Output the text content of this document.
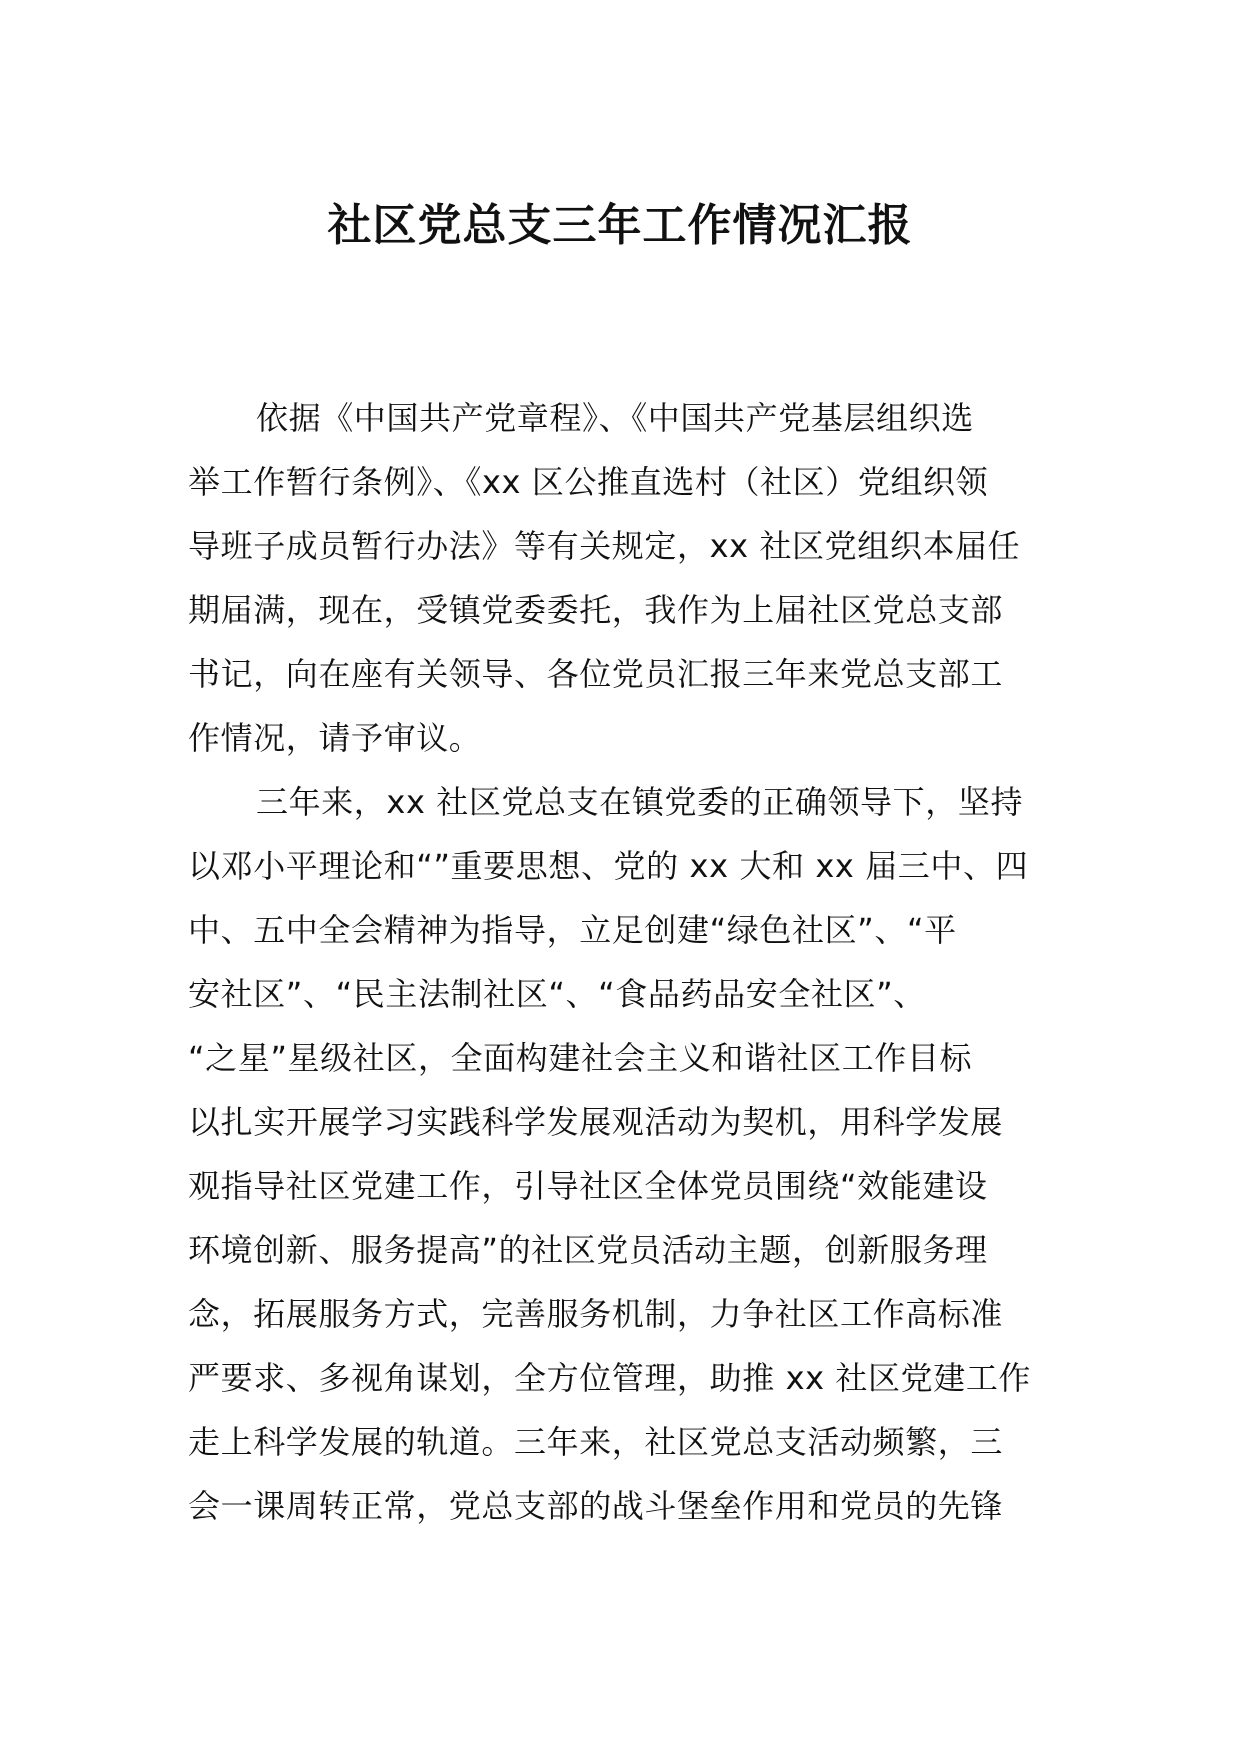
社区党总支三年工作情况汇报
依据《中国共产党章程》、《中国共产党基层组织选
举工作暂行条例》、《xx 区公推直选村（社区）党组织领
导班子成员暂行办法》等有关规定，xx 社区党组织本届任
期届满，现在，受镇党委委托，我作为上届社区党总支部
书记，向在座有关领导、各位党员汇报三年来党总支部工
作情况，请予审议。
三年来，xx 社区党总支在镇党委的正确领导下，坚持
以邓小平理论和“”重要思想、党的 xx 大和 xx 届三中、四
中、五中全会精神为指导，立足创建“绿色社区”、“平
安社区”、“民主法制社区“、“食品药品安全社区”、
“之星”星级社区，全面构建社会主义和谐社区工作目标
以扎实开展学习实践科学发展观活动为契机，用科学发展
观指导社区党建工作，引导社区全体党员围绕“效能建设
环境创新、服务提高”的社区党员活动主题，创新服务理
念，拓展服务方式，完善服务机制，力争社区工作高标准
严要求、多视角谋划，全方位管理，助推 xx 社区党建工作
走上科学发展的轨道。三年来，社区党总支活动频繁，三
会一课周转正常，党总支部的战斗堡垒作用和党员的先锋
